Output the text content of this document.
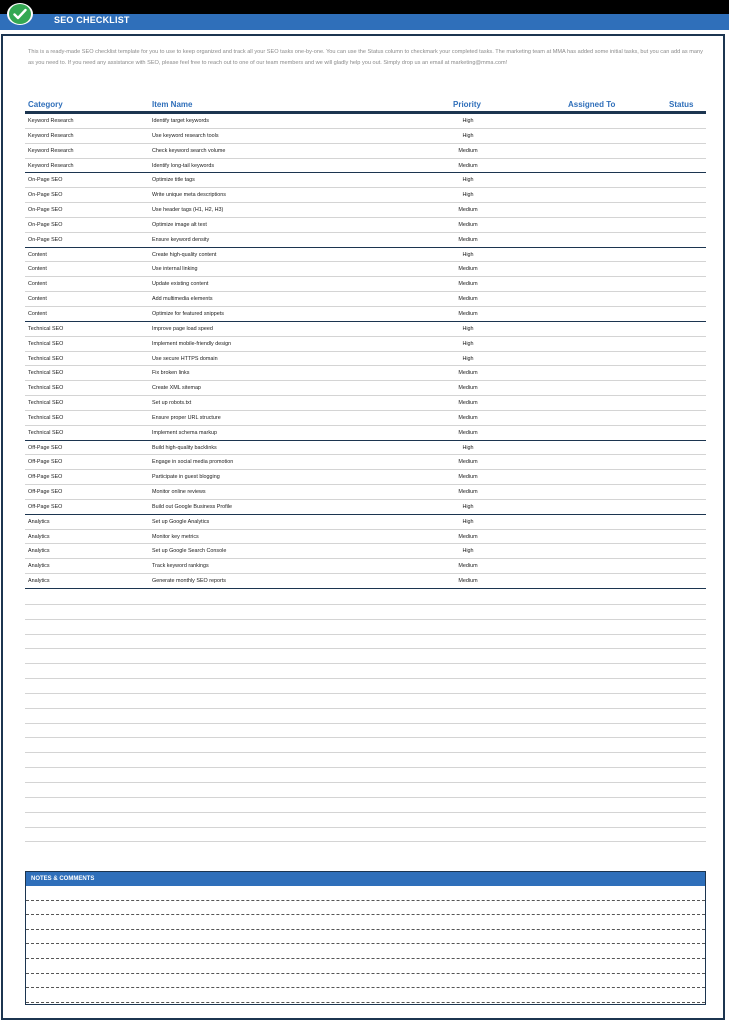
SEO CHECKLIST
This is a ready-made SEO checklist template for you to use to keep organized and track all your SEO tasks one-by-one. You can use the Status column to checkmark your completed tasks. The marketing team at MMA has added some initial tasks, but you can add as many as you need to. If you need any assistance with SEO, please feel free to reach out to one of our team members and we will gladly help you out. Simply drop us an email at marketing@mma.com!
Category	Item Name	Priority	Assigned To	Status
Keyword Research	Identify target keywords	High
Keyword Research	Use keyword research tools	High
Keyword Research	Check keyword search volume	Medium
Keyword Research	Identify long-tail keywords	Medium
On-Page SEO	Optimize title tags	High
On-Page SEO	Write unique meta descriptions	High
On-Page SEO	Use header tags (H1, H2, H3)	Medium
On-Page SEO	Optimize image alt text	Medium
On-Page SEO	Ensure keyword density	Medium
Content	Create high-quality content	High
Content	Use internal linking	Medium
Content	Update existing content	Medium
Content	Add multimedia elements	Medium
Content	Optimize for featured snippets	Medium
Technical SEO	Improve page load speed	High
Technical SEO	Implement mobile-friendly design	High
Technical SEO	Use secure HTTPS domain	High
Technical SEO	Fix broken links	Medium
Technical SEO	Create XML sitemap	Medium
Technical SEO	Set up robots.txt	Medium
Technical SEO	Ensure proper URL structure	Medium
Technical SEO	Implement schema markup	Medium
Off-Page SEO	Build high-quality backlinks	High
Off-Page SEO	Engage in social media promotion	Medium
Off-Page SEO	Participate in guest blogging	Medium
Off-Page SEO	Monitor online reviews	Medium
Off-Page SEO	Build out Google Business Profile	High
Analytics	Set up Google Analytics	High
Analytics	Monitor key metrics	Medium
Analytics	Set up Google Search Console	High
Analytics	Track keyword rankings	Medium
Analytics	Generate monthly SEO reports	Medium
NOTES & COMMENTS
